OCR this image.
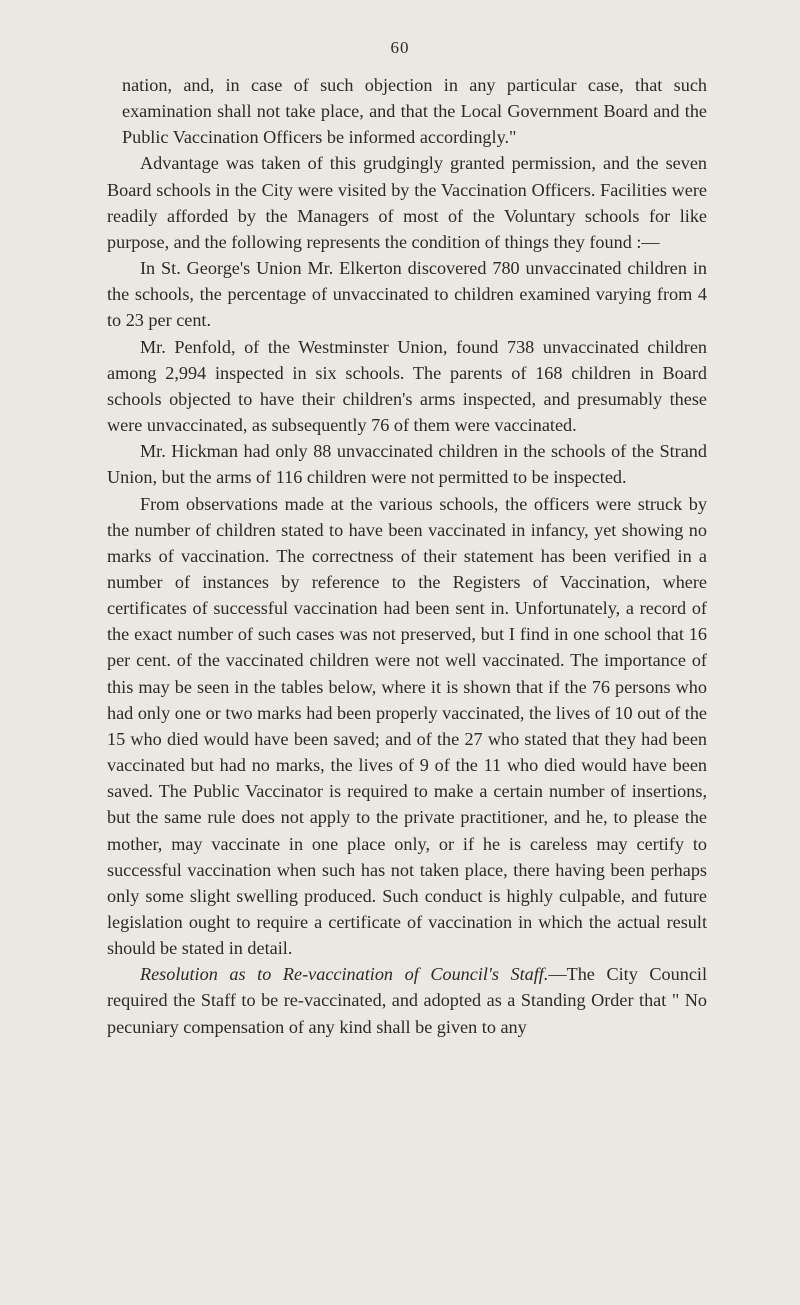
60

nation, and, in case of such objection in any particular case, that such examination shall not take place, and that the Local Government Board and the Public Vaccination Officers be informed accordingly."

Advantage was taken of this grudgingly granted permission, and the seven Board schools in the City were visited by the Vaccination Officers. Facilities were readily afforded by the Managers of most of the Voluntary schools for like purpose, and the following represents the condition of things they found :—

In St. George's Union Mr. Elkerton discovered 780 unvaccinated children in the schools, the percentage of unvaccinated to children examined varying from 4 to 23 per cent.

Mr. Penfold, of the Westminster Union, found 738 unvaccinated children among 2,994 inspected in six schools. The parents of 168 children in Board schools objected to have their children's arms inspected, and presumably these were unvaccinated, as subsequently 76 of them were vaccinated.

Mr. Hickman had only 88 unvaccinated children in the schools of the Strand Union, but the arms of 116 children were not permitted to be inspected.

From observations made at the various schools, the officers were struck by the number of children stated to have been vaccinated in infancy, yet showing no marks of vaccination. The correctness of their statement has been verified in a number of instances by reference to the Registers of Vaccination, where certificates of successful vaccination had been sent in. Unfortunately, a record of the exact number of such cases was not preserved, but I find in one school that 16 per cent. of the vaccinated children were not well vaccinated. The importance of this may be seen in the tables below, where it is shown that if the 76 persons who had only one or two marks had been properly vaccinated, the lives of 10 out of the 15 who died would have been saved; and of the 27 who stated that they had been vaccinated but had no marks, the lives of 9 of the 11 who died would have been saved. The Public Vaccinator is required to make a certain number of insertions, but the same rule does not apply to the private practitioner, and he, to please the mother, may vaccinate in one place only, or if he is careless may certify to successful vaccination when such has not taken place, there having been perhaps only some slight swelling produced. Such conduct is highly culpable, and future legislation ought to require a certificate of vaccination in which the actual result should be stated in detail.

Resolution as to Re-vaccination of Council's Staff.—The City Council required the Staff to be re-vaccinated, and adopted as a Standing Order that " No pecuniary compensation of any kind shall be given to any
